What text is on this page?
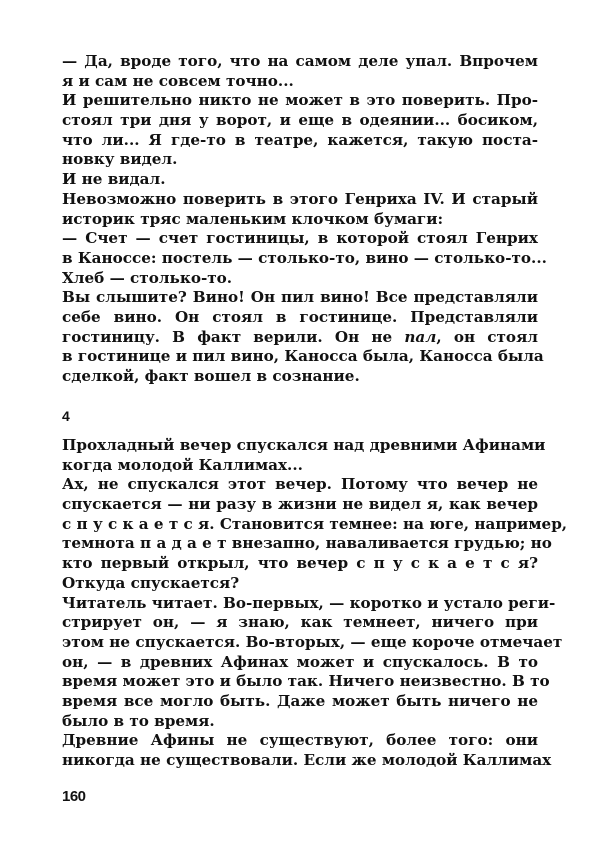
— Да, вроде того, что на самом деле упал. Впрочем
я и сам не совсем точно...
И решительно никто не может в это поверить. Про-
стоял три дня у ворот, и еще в одеянии... босиком,
что ли... Я где-то в театре, кажется, такую поста-
новку видел.
И не видал.
Невозможно поверить в этого Генриха IV. И старый
историк тряс маленьким клочком бумаги:
— Счет — счет гостиницы, в которой стоял Генрих
в Каноссе: постель — столько-то, вино — столько-то...
Хлеб — столько-то.
Вы слышите? Вино! Он пил вино! Все представляли
себе вино. Он стоял в гостинице. Представляли
гостиницу. В факт верили. Он не пал, он стоял
в гостинице и пил вино, Каносса была, Каносса была
сделкой, факт вошел в сознание.
4
Прохладный вечер спускался над древними Афинами
когда молодой Каллимах...
Ах, не спускался этот вечер. Потому что вечер не
спускается — ни разу в жизни не видел я, как вечер
с п у с к а е т с я. Становится темнее: на юге, например,
темнота п а д а е т внезапно, наваливается грудью; но
кто первый открыл, что вечер с п у с к а е т с я?
Откуда спускается?
Читатель читает. Во-первых, — коротко и устало реги-
стрирует он, — я знаю, как темнеет, ничего при
этом не спускается. Во-вторых, — еще короче отмечает
он, — в древних Афинах может и спускалось. В то
время может это и было так. Ничего неизвестно. В то
время все могло быть. Даже может быть ничего не
было в то время.
Древние Афины не существуют, более того: они
никогда не существовали. Если же молодой Каллимах
160
